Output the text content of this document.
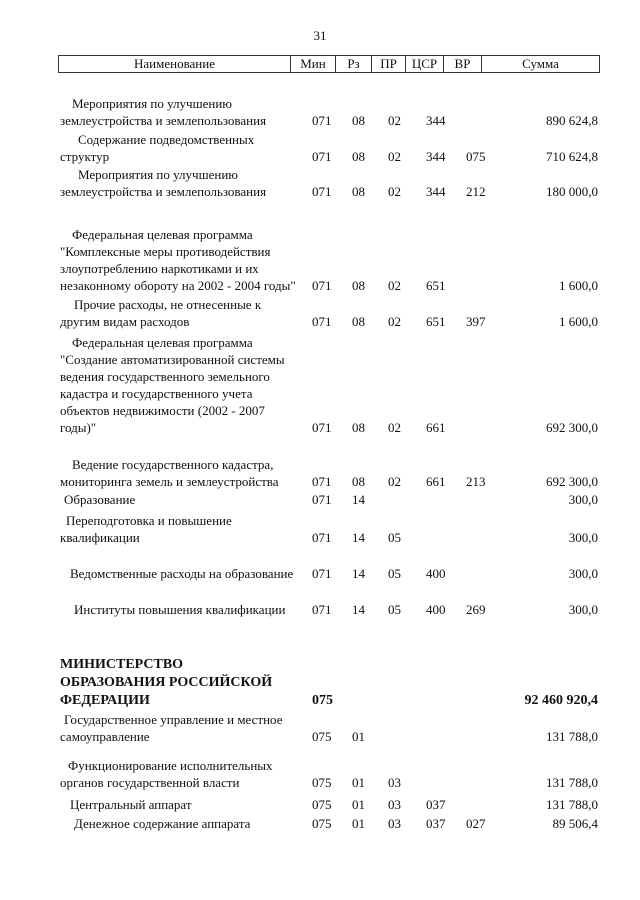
31
Наименование	Мин	Рз	ПР	ЦСР	ВР	Сумма
Мероприятия по улучшению землеустройства и землепользования	071 08 02 344	890 624,8
Содержание подведомственных структур	071 08 02 344 075	710 624,8
Мероприятия по улучшению землеустройства и землепользования	071 08 02 344 212	180 000,0
Федеральная целевая программа "Комплексные меры противодействия злоупотреблению наркотиками и их незаконному обороту на 2002 - 2004 годы"	071 08 02 651	1 600,0
Прочие расходы, не отнесенные к другим видам расходов	071 08 02 651 397	1 600,0
Федеральная целевая программа "Создание автоматизированной системы ведения государственного земельного кадастра и государственного учета объектов недвижимости (2002 - 2007 годы)"	071 08 02 661	692 300,0
Ведение государственного кадастра, мониторинга земель и землеустройства	071 08 02 661 213	692 300,0
Образование	071 14	300,0
Переподготовка и повышение квалификации	071 14 05	300,0
Ведомственные расходы на образование	071 14 05 400	300,0
Институты повышения квалификации	071 14 05 400 269	300,0
МИНИСТЕРСТВО ОБРАЗОВАНИЯ РОССИЙСКОЙ ФЕДЕРАЦИИ	075	92 460 920,4
Государственное управление и местное самоуправление	075 01	131 788,0
Функционирование исполнительных органов государственной власти	075 01 03	131 788,0
Центральный аппарат	075 01 03 037	131 788,0
Денежное содержание аппарата	075 01 03 037 027	89 506,4
